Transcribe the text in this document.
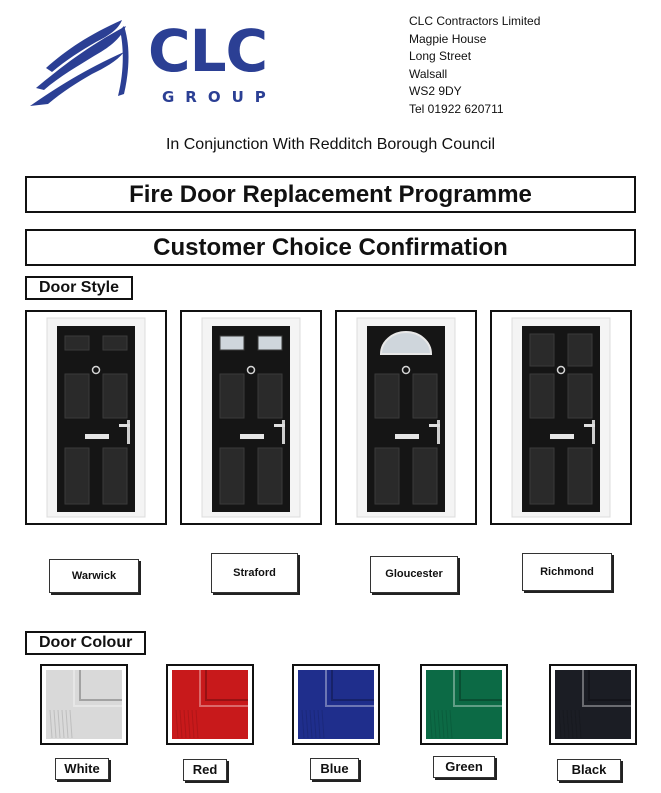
CLC
GROUP
CLC Contractors Limited
Magpie House
Long Street
Walsall
WS2 9DY
Tel 01922 620711
In Conjunction With Redditch Borough Council
Fire Door Replacement Programme
Customer Choice Confirmation
Door Style
Warwick	Straford	Gloucester	Richmond
Door Colour
White	Red	Blue	Green	Black
